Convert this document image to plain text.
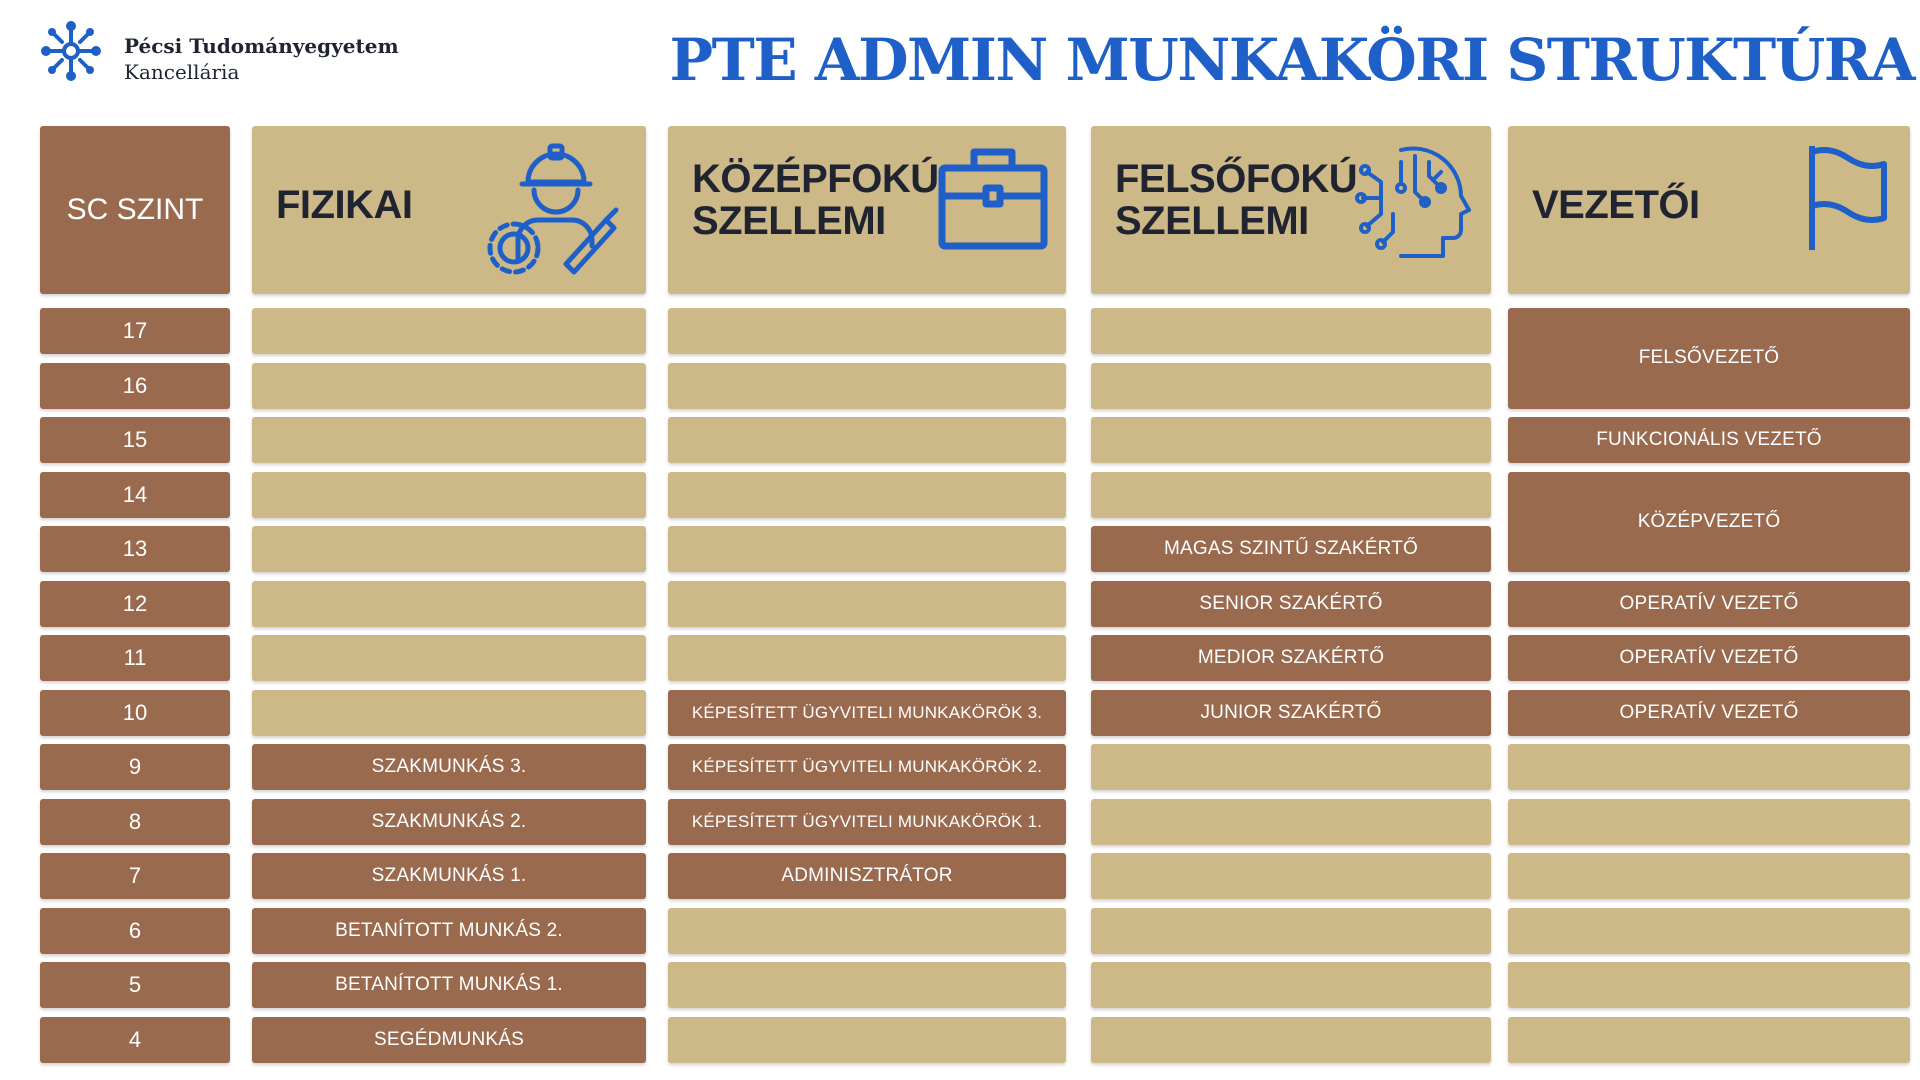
Pécsi Tudományegyetem
Kancellária	PTE ADMIN MUNKAKÖRI STRUKTÚRA
SC SZINT
17
16
15
14
13
12
11
10
9
8
7
6
5
4
FIZIKAI
SZAKMUNKÁS 3.
SZAKMUNKÁS 2.
SZAKMUNKÁS 1.
BETANÍTOTT MUNKÁS 2.
BETANÍTOTT MUNKÁS 1.
SEGÉDMUNKÁS
KÖZÉPFOKÚ
SZELLEMI
KÉPESÍTETT ÜGYVITELI MUNKAKÖRÖK 3.
KÉPESÍTETT ÜGYVITELI MUNKAKÖRÖK 2.
KÉPESÍTETT ÜGYVITELI MUNKAKÖRÖK 1.
ADMINISZTRÁTOR
FELSŐFOKÚ
SZELLEMI
MAGAS SZINTŰ SZAKÉRTŐ
SENIOR SZAKÉRTŐ
MEDIOR SZAKÉRTŐ
JUNIOR SZAKÉRTŐ
VEZETŐI
FELSŐVEZETŐ
FUNKCIONÁLIS VEZETŐ
KÖZÉPVEZETŐ
OPERATÍV VEZETŐ
OPERATÍV VEZETŐ
OPERATÍV VEZETŐ
